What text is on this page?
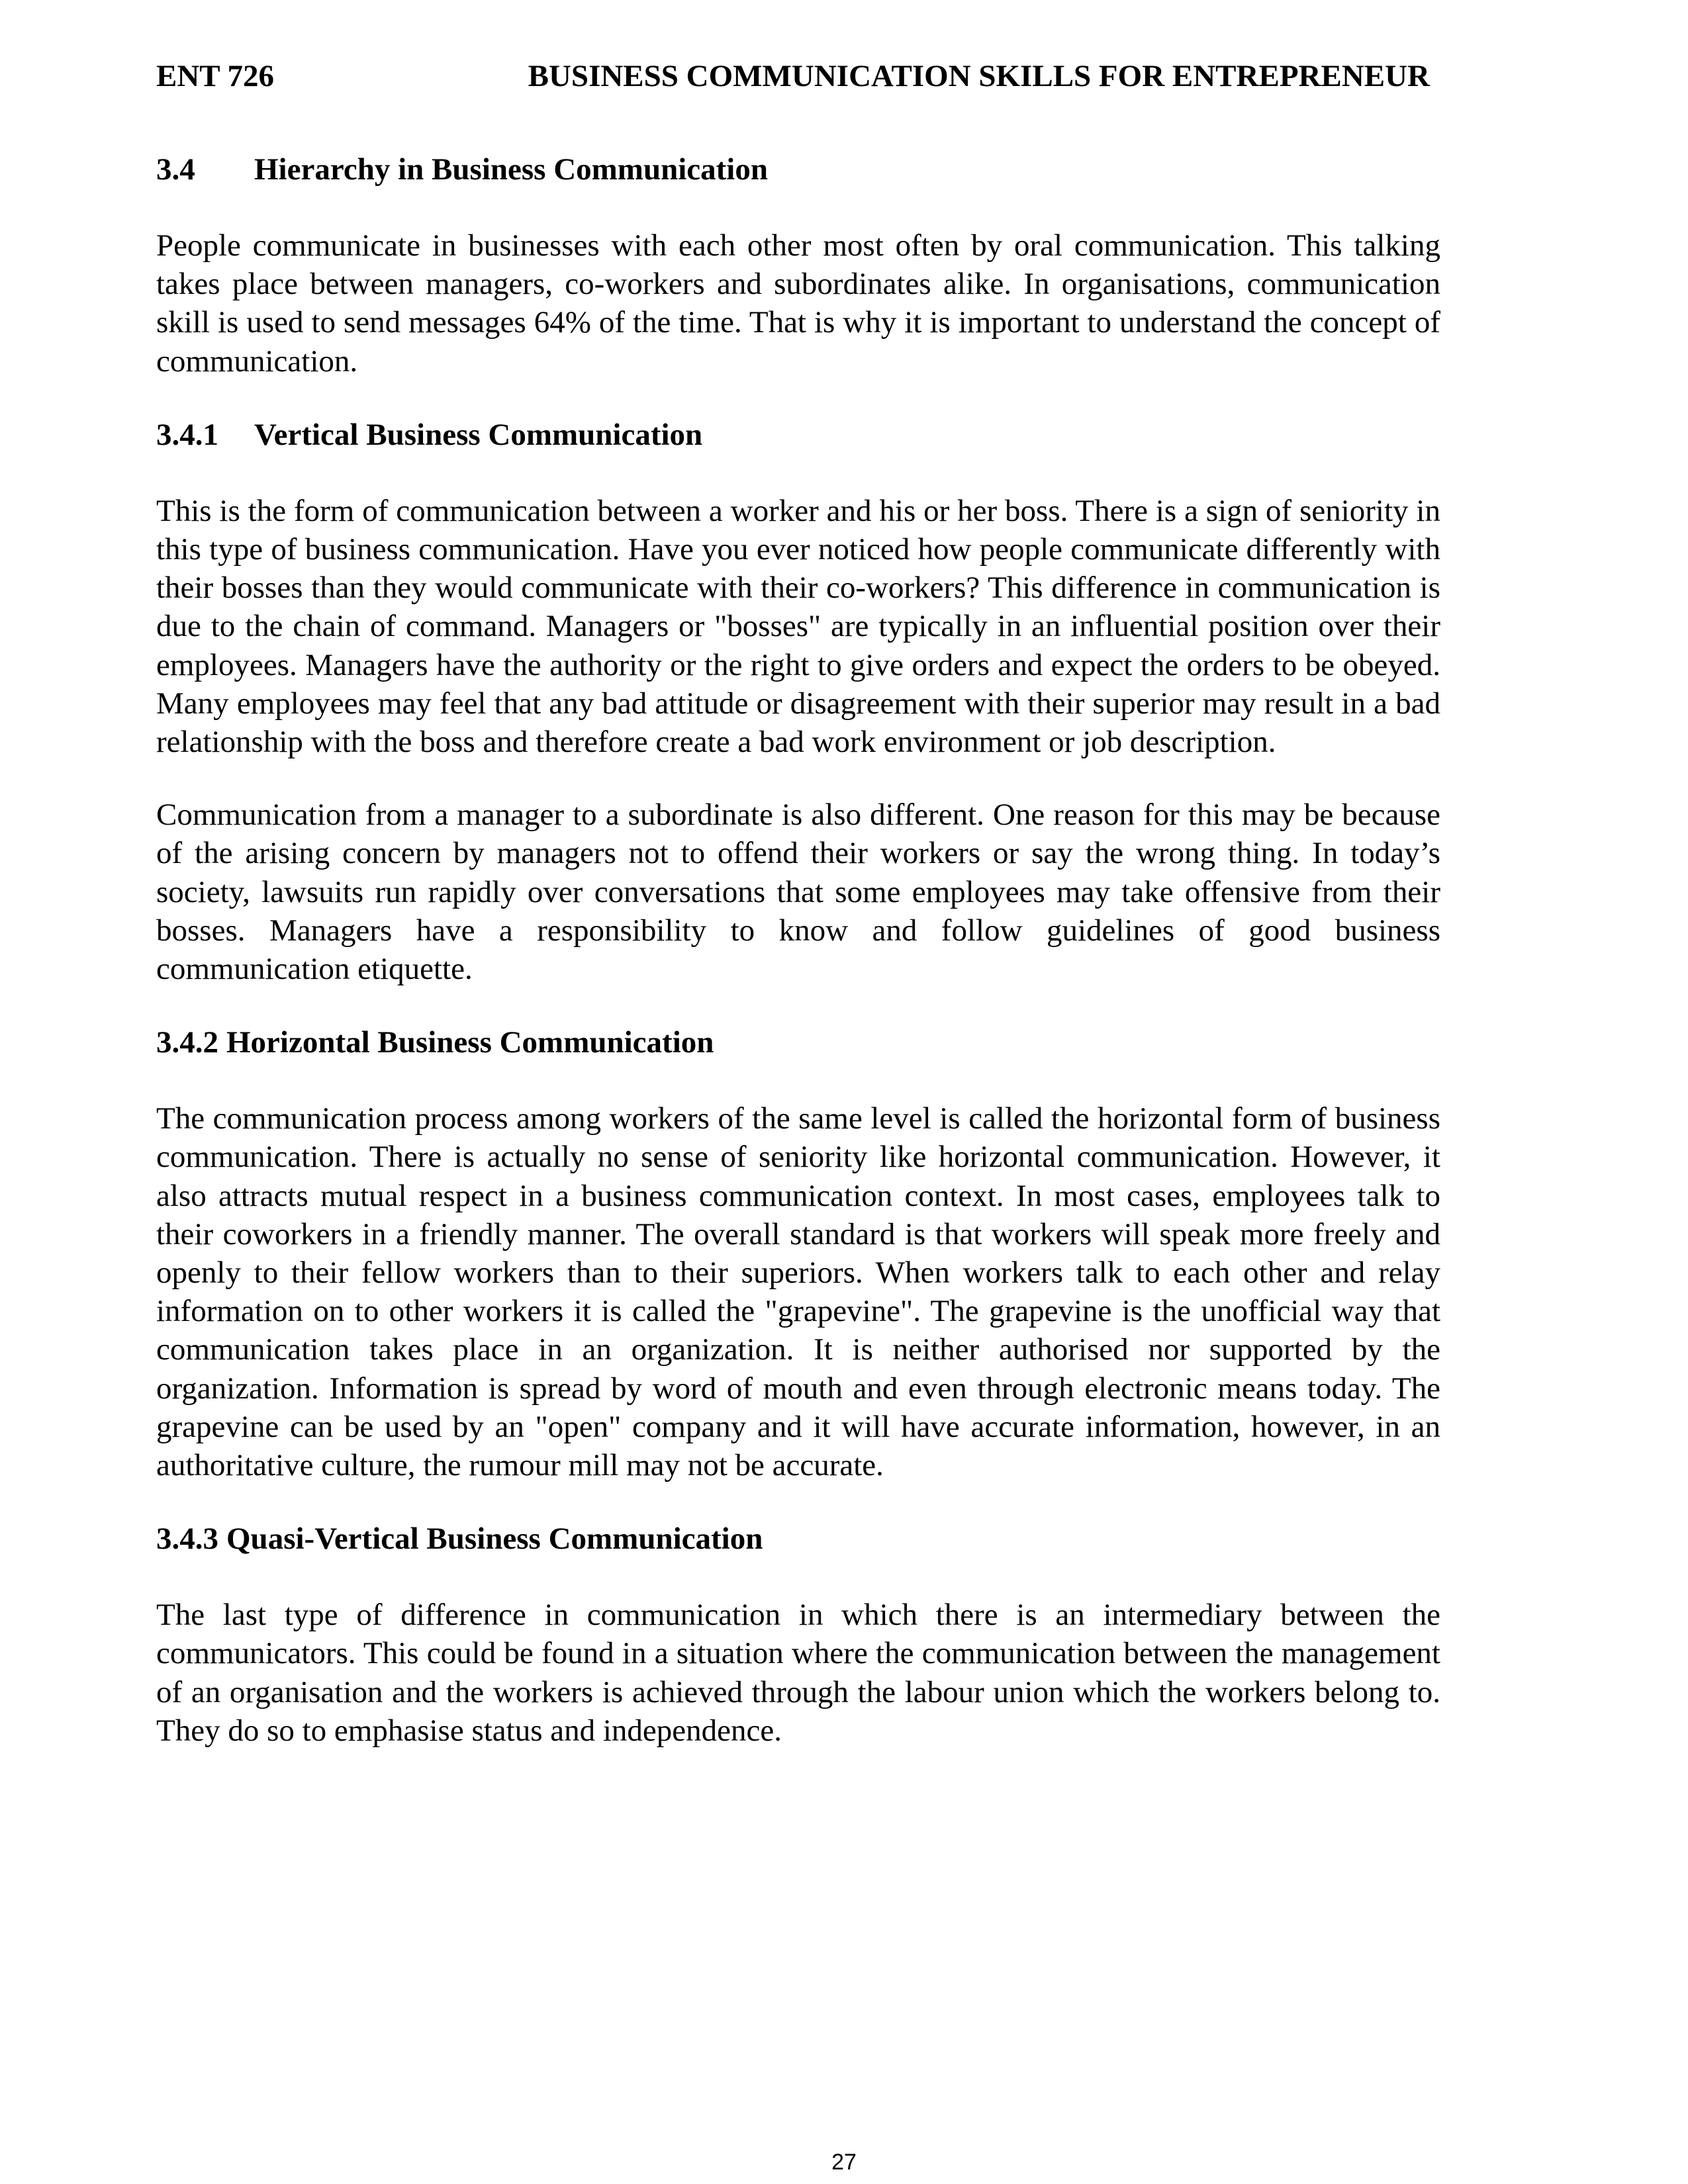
ENT 726	BUSINESS COMMUNICATION SKILLS FOR ENTREPRENEUR
3.4 Hierarchy in Business Communication

People communicate in businesses with each other most often by oral communication. This talking takes place between managers, co-workers and subordinates alike. In organisations, communication skill is used to send messages 64% of the time. That is why it is important to understand the concept of communication.

3.4.1 Vertical Business Communication

This is the form of communication between a worker and his or her boss. There is a sign of seniority in this type of business communication. Have you ever noticed how people communicate differently with their bosses than they would communicate with their co-workers? This difference in communication is due to the chain of command. Managers or "bosses" are typically in an influential position over their employees. Managers have the authority or the right to give orders and expect the orders to be obeyed. Many employees may feel that any bad attitude or disagreement with their superior may result in a bad relationship with the boss and therefore create a bad work environment or job description.

Communication from a manager to a subordinate is also different. One reason for this may be because of the arising concern by managers not to offend their workers or say the wrong thing. In today’s society, lawsuits run rapidly over conversations that some employees may take offensive from their bosses. Managers have a responsibility to know and follow guidelines of good business communication etiquette.

3.4.2 Horizontal Business Communication

The communication process among workers of the same level is called the horizontal form of business communication. There is actually no sense of seniority like horizontal communication. However, it also attracts mutual respect in a business communication context. In most cases, employees talk to their coworkers in a friendly manner. The overall standard is that workers will speak more freely and openly to their fellow workers than to their superiors. When workers talk to each other and relay information on to other workers it is called the "grapevine". The grapevine is the unofficial way that communication takes place in an organization. It is neither authorised nor supported by the organization. Information is spread by word of mouth and even through electronic means today. The grapevine can be used by an "open" company and it will have accurate information, however, in an authoritative culture, the rumour mill may not be accurate.

3.4.3 Quasi-Vertical Business Communication

The last type of difference in communication in which there is an intermediary between the communicators. This could be found in a situation where the communication between the management of an organisation and the workers is achieved through the labour union which the workers belong to. They do so to emphasise status and independence.

27
